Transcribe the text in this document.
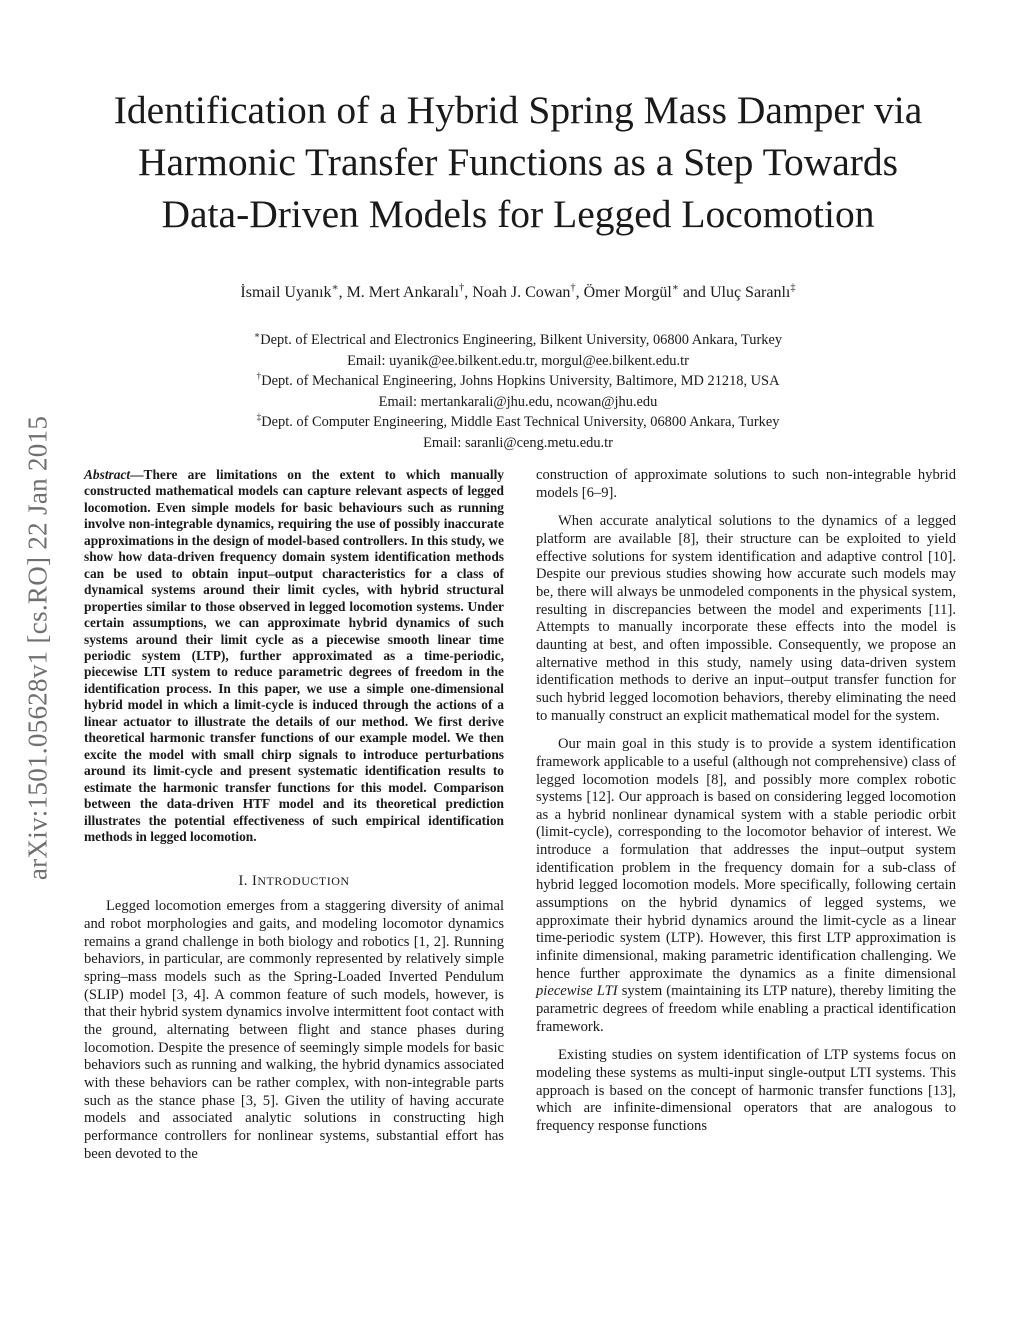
arXiv:1501.05628v1 [cs.RO] 22 Jan 2015
Identification of a Hybrid Spring Mass Damper via
Harmonic Transfer Functions as a Step Towards
Data-Driven Models for Legged Locomotion
İsmail Uyanık∗, M. Mert Ankaralı†, Noah J. Cowan†, Ömer Morgül∗ and Uluç Saranlı‡
∗Dept. of Electrical and Electronics Engineering, Bilkent University, 06800 Ankara, Turkey
Email: uyanik@ee.bilkent.edu.tr, morgul@ee.bilkent.edu.tr
†Dept. of Mechanical Engineering, Johns Hopkins University, Baltimore, MD 21218, USA
Email: mertankarali@jhu.edu, ncowan@jhu.edu
‡Dept. of Computer Engineering, Middle East Technical University, 06800 Ankara, Turkey
Email: saranli@ceng.metu.edu.tr

Abstract—There are limitations on the extent to which manually constructed mathematical models can capture relevant aspects of legged locomotion. Even simple models for basic behaviours such as running involve non-integrable dynamics, requiring the use of possibly inaccurate approximations in the design of model-based controllers. In this study, we show how data-driven frequency domain system identification methods can be used to obtain input–output characteristics for a class of dynamical systems around their limit cycles, with hybrid structural properties similar to those observed in legged locomotion systems. Under certain assumptions, we can approximate hybrid dynamics of such systems around their limit cycle as a piecewise smooth linear time periodic system (LTP), further approximated as a time-periodic, piecewise LTI system to reduce parametric degrees of freedom in the identification process. In this paper, we use a simple one-dimensional hybrid model in which a limit-cycle is induced through the actions of a linear actuator to illustrate the details of our method. We first derive theoretical harmonic transfer functions of our example model. We then excite the model with small chirp signals to introduce perturbations around its limit-cycle and present systematic identification results to estimate the harmonic transfer functions for this model. Comparison between the data-driven HTF model and its theoretical prediction illustrates the potential effectiveness of such empirical identification methods in legged locomotion.

I. INTRODUCTION

Legged locomotion emerges from a staggering diversity of animal and robot morphologies and gaits, and modeling locomotor dynamics remains a grand challenge in both biology and robotics [1, 2]. Running behaviors, in particular, are commonly represented by relatively simple spring–mass models such as the Spring-Loaded Inverted Pendulum (SLIP) model [3, 4]. A common feature of such models, however, is that their hybrid system dynamics involve intermittent foot contact with the ground, alternating between flight and stance phases during locomotion. Despite the presence of seemingly simple models for basic behaviors such as running and walking, the hybrid dynamics associated with these behaviors can be rather complex, with non-integrable parts such as the stance phase [3, 5]. Given the utility of having accurate models and associated analytic solutions in constructing high performance controllers for nonlinear systems, substantial effort has been devoted to the

construction of approximate solutions to such non-integrable hybrid models [6–9].

When accurate analytical solutions to the dynamics of a legged platform are available [8], their structure can be exploited to yield effective solutions for system identification and adaptive control [10]. Despite our previous studies showing how accurate such models may be, there will always be unmodeled components in the physical system, resulting in discrepancies between the model and experiments [11]. Attempts to manually incorporate these effects into the model is daunting at best, and often impossible. Consequently, we propose an alternative method in this study, namely using data-driven system identification methods to derive an input–output transfer function for such hybrid legged locomotion behaviors, thereby eliminating the need to manually construct an explicit mathematical model for the system.

Our main goal in this study is to provide a system identification framework applicable to a useful (although not comprehensive) class of legged locomotion models [8], and possibly more complex robotic systems [12]. Our approach is based on considering legged locomotion as a hybrid nonlinear dynamical system with a stable periodic orbit (limit-cycle), corresponding to the locomotor behavior of interest. We introduce a formulation that addresses the input–output system identification problem in the frequency domain for a sub-class of hybrid legged locomotion models. More specifically, following certain assumptions on the hybrid dynamics of legged systems, we approximate their hybrid dynamics around the limit-cycle as a linear time-periodic system (LTP). However, this first LTP approximation is infinite dimensional, making parametric identification challenging. We hence further approximate the dynamics as a finite dimensional piecewise LTI system (maintaining its LTP nature), thereby limiting the parametric degrees of freedom while enabling a practical identification framework.

Existing studies on system identification of LTP systems focus on modeling these systems as multi-input single-output LTI systems. This approach is based on the concept of harmonic transfer functions [13], which are infinite-dimensional operators that are analogous to frequency response functions
